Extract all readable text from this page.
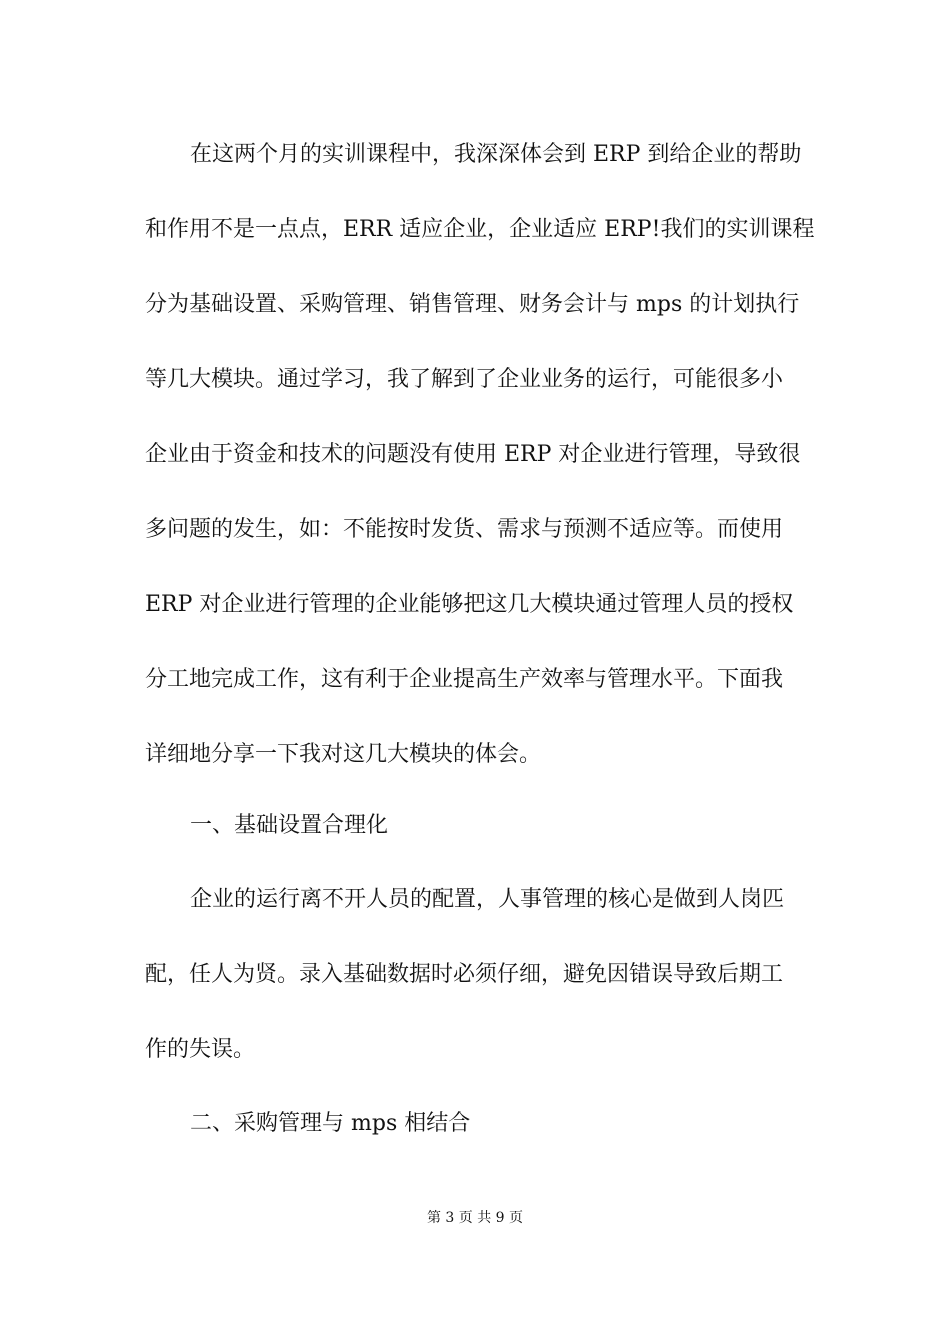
在这两个月的实训课程中，我深深体会到 ERP 到给企业的帮助
和作用不是一点点，ERR 适应企业，企业适应 ERP!我们的实训课程
分为基础设置、采购管理、销售管理、财务会计与 mps 的计划执行
等几大模块。通过学习，我了解到了企业业务的运行，可能很多小
企业由于资金和技术的问题没有使用 ERP 对企业进行管理，导致很
多问题的发生，如：不能按时发货、需求与预测不适应等。而使用
ERP 对企业进行管理的企业能够把这几大模块通过管理人员的授权
分工地完成工作，这有利于企业提高生产效率与管理水平。下面我
详细地分享一下我对这几大模块的体会。

一、基础设置合理化

企业的运行离不开人员的配置，人事管理的核心是做到人岗匹
配，任人为贤。录入基础数据时必须仔细，避免因错误导致后期工
作的失误。

二、采购管理与 mps 相结合

第 3 页 共 9 页
